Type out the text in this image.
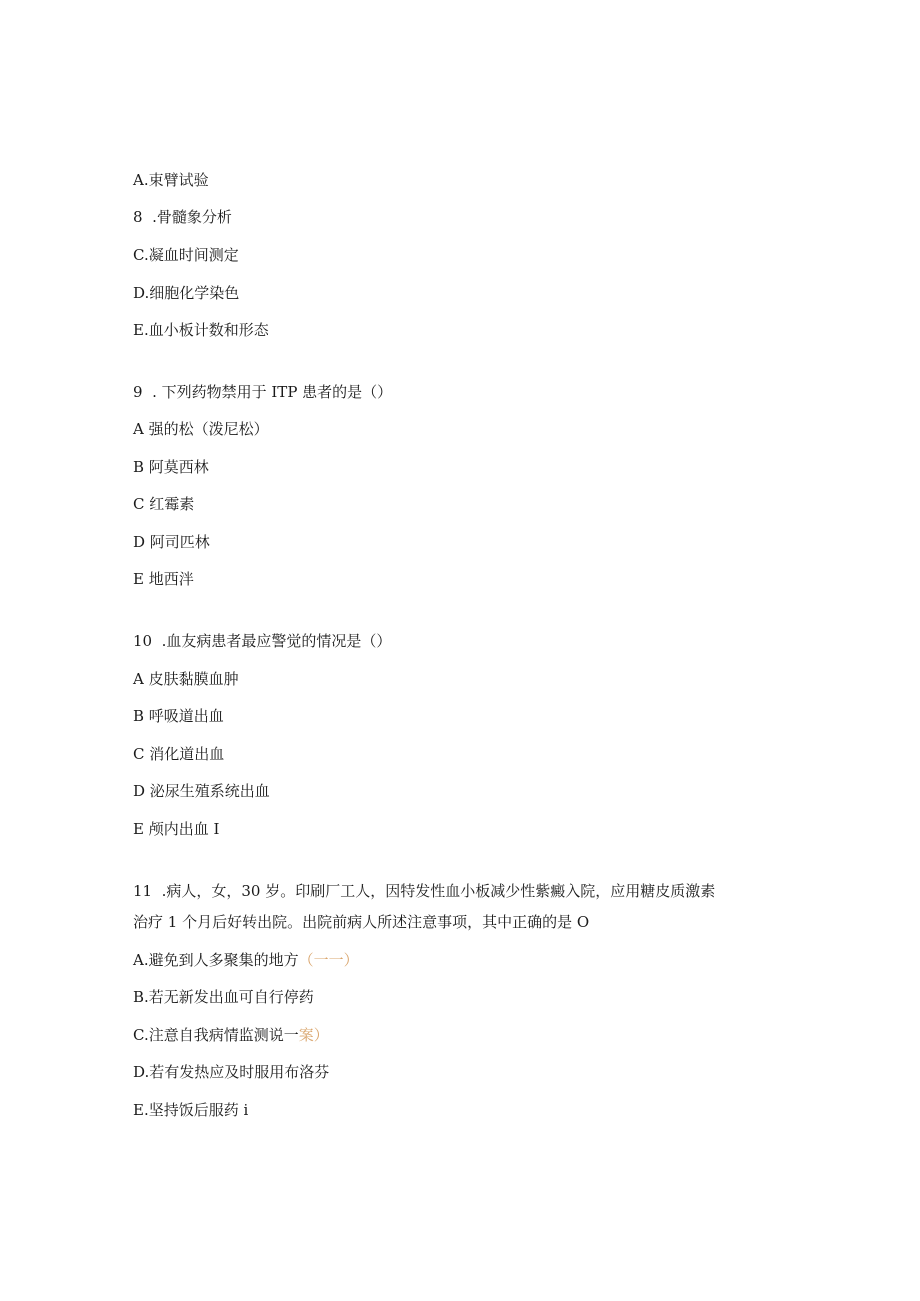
A.束臂试验
8  .骨髓象分析
C.凝血时间测定
D.细胞化学染色
E.血小板计数和形态
9  . 下列药物禁用于 ITP 患者的是（）
A 强的松（泼尼松）
B 阿莫西林
C 红霉素
D 阿司匹林
E 地西泮
10  .血友病患者最应警觉的情况是（）
A 皮肤黏膜血肿
B 呼吸道出血
C 消化道出血
D 泌尿生殖系统出血
E 颅内出血 I
11  .病人，女，30 岁。印刷厂工人，因特发性血小板减少性紫癜入院，应用糖皮质激素
治疗 1 个月后好转出院。出院前病人所述注意事项，其中正确的是 O
A.避免到人多聚集的地方（一一）
B.若无新发出血可自行停药
C.注意自我病情监测说一案）
D.若有发热应及时服用布洛芬
E.坚持饭后服药 i
